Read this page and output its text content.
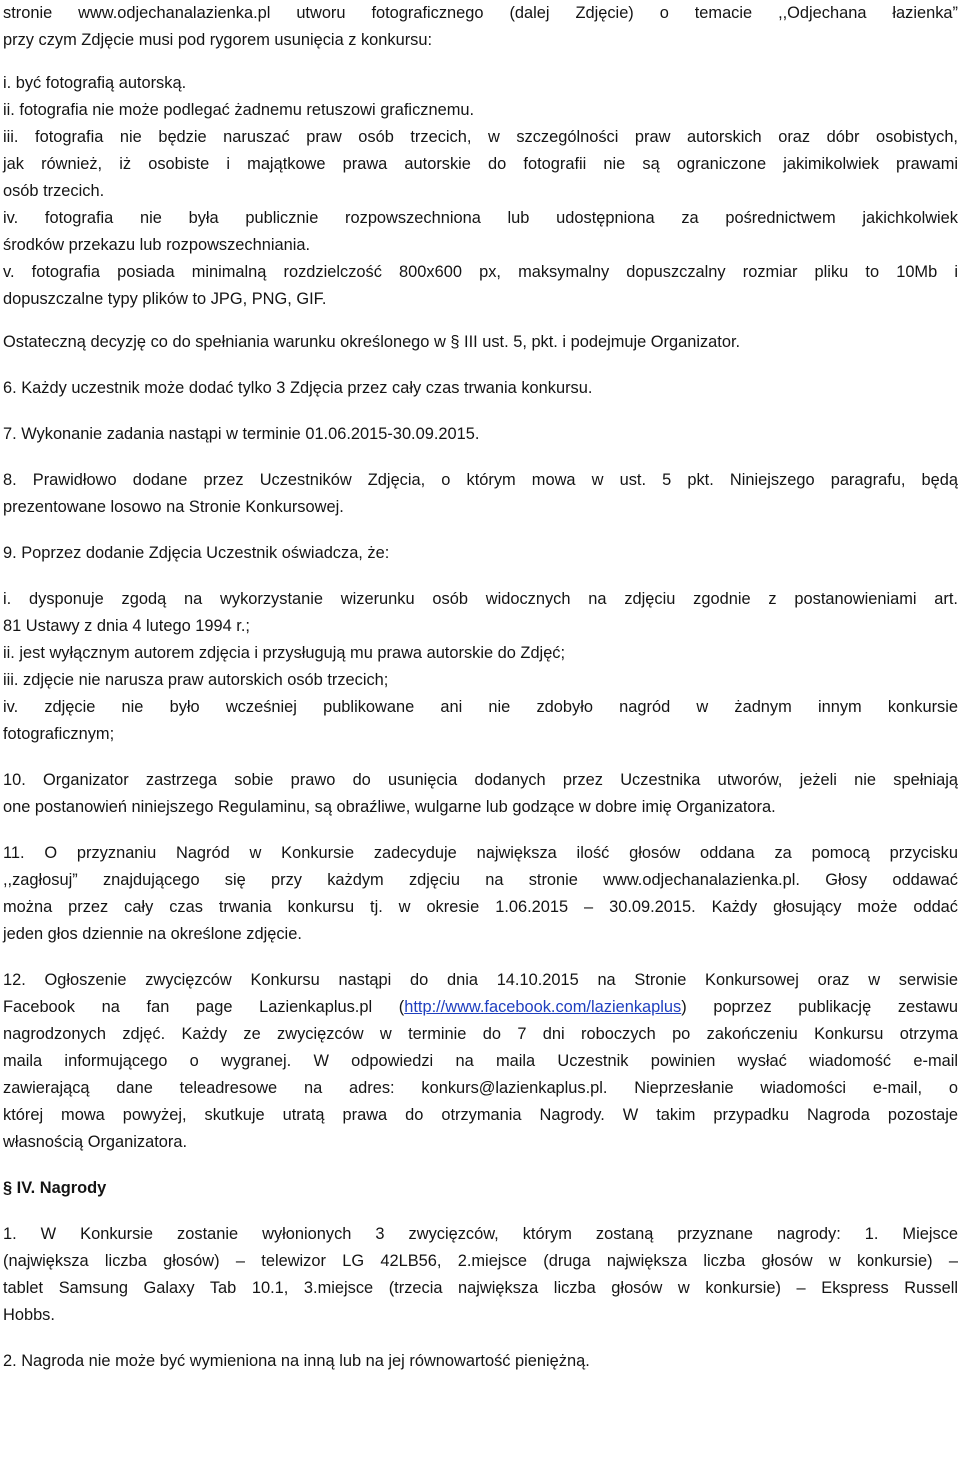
stronie www.odjechanalazienka.pl utworu fotograficznego (dalej Zdjęcie) o temacie ,,Odjechana łazienka”
przy czym Zdjęcie musi pod rygorem usunięcia z konkursu:
i. być fotografią autorską.
ii. fotografia nie może podlegać żadnemu retuszowi graficznemu.
iii. fotografia nie będzie naruszać praw osób trzecich, w szczególności praw autorskich oraz dóbr osobistych,
jak również, iż osobiste i majątkowe prawa autorskie do fotografii nie są ograniczone jakimikolwiek prawami
osób trzecich.
iv. fotografia nie była publicznie rozpowszechniona lub udostępniona za pośrednictwem jakichkolwiek
środków przekazu lub rozpowszechniania.
v. fotografia posiada minimalną rozdzielczość 800x600 px, maksymalny dopuszczalny rozmiar pliku to 10Mb i
dopuszczalne typy plików to JPG, PNG, GIF.
Ostateczną decyzję co do spełniania warunku określonego w § III ust. 5, pkt. i podejmuje Organizator.
6. Każdy uczestnik może dodać tylko 3 Zdjęcia przez cały czas trwania konkursu.
7. Wykonanie zadania nastąpi w terminie 01.06.2015-30.09.2015.
8. Prawidłowo dodane przez Uczestników Zdjęcia, o którym mowa w ust. 5 pkt. Niniejszego paragrafu, będą
prezentowane losowo na Stronie Konkursowej.
9. Poprzez dodanie Zdjęcia Uczestnik oświadcza, że:
i. dysponuje zgodą na wykorzystanie wizerunku osób widocznych na zdjęciu zgodnie z postanowieniami art.
81 Ustawy z dnia 4 lutego 1994 r.;
ii. jest wyłącznym autorem zdjęcia i przysługują mu prawa autorskie do Zdjęć;
iii. zdjęcie nie narusza praw autorskich osób trzecich;
iv. zdjęcie nie było wcześniej publikowane ani nie zdobyło nagród w żadnym innym konkursie
fotograficznym;
10. Organizator zastrzega sobie prawo do usunięcia dodanych przez Uczestnika utworów, jeżeli nie spełniają
one postanowień niniejszego Regulaminu, są obraźliwe, wulgarne lub godzące w dobre imię Organizatora.
11. O przyznaniu Nagród w Konkursie zadecyduje największa ilość głosów oddana za pomocą przycisku
,,zagłosuj” znajdującego się przy każdym zdjęciu na stronie www.odjechanalazienka.pl. Głosy oddawać
można przez cały czas trwania konkursu tj. w okresie 1.06.2015 – 30.09.2015. Każdy głosujący może oddać
jeden głos dziennie na określone zdjęcie.
12. Ogłoszenie zwycięzców Konkursu nastąpi do dnia 14.10.2015 na Stronie Konkursowej oraz w serwisie
Facebook na fan page Lazienkaplus.pl (http://www.facebook.com/lazienkaplus) poprzez publikację zestawu
nagrodzonych zdjęć. Każdy ze zwycięzców w terminie do 7 dni roboczych po zakończeniu Konkursu otrzyma
maila informującego o wygranej. W odpowiedzi na maila Uczestnik powinien wysłać wiadomość e-mail
zawierającą dane teleadresowe na adres: konkurs@lazienkaplus.pl. Nieprzesłanie wiadomości e-mail, o
której mowa powyżej, skutkuje utratą prawa do otrzymania Nagrody. W takim przypadku Nagroda pozostaje
własnością Organizatora.
§ IV. Nagrody
1. W Konkursie zostanie wyłonionych 3 zwycięzców, którym zostaną przyznane nagrody: 1. Miejsce
(największa liczba głosów) – telewizor LG 42LB56, 2.miejsce (druga największa liczba głosów w konkursie) –
tablet Samsung Galaxy Tab 10.1, 3.miejsce (trzecia największa liczba głosów w konkursie) – Ekspress Russell
Hobbs.
2. Nagroda nie może być wymieniona na inną lub na jej równowartość pieniężną.
